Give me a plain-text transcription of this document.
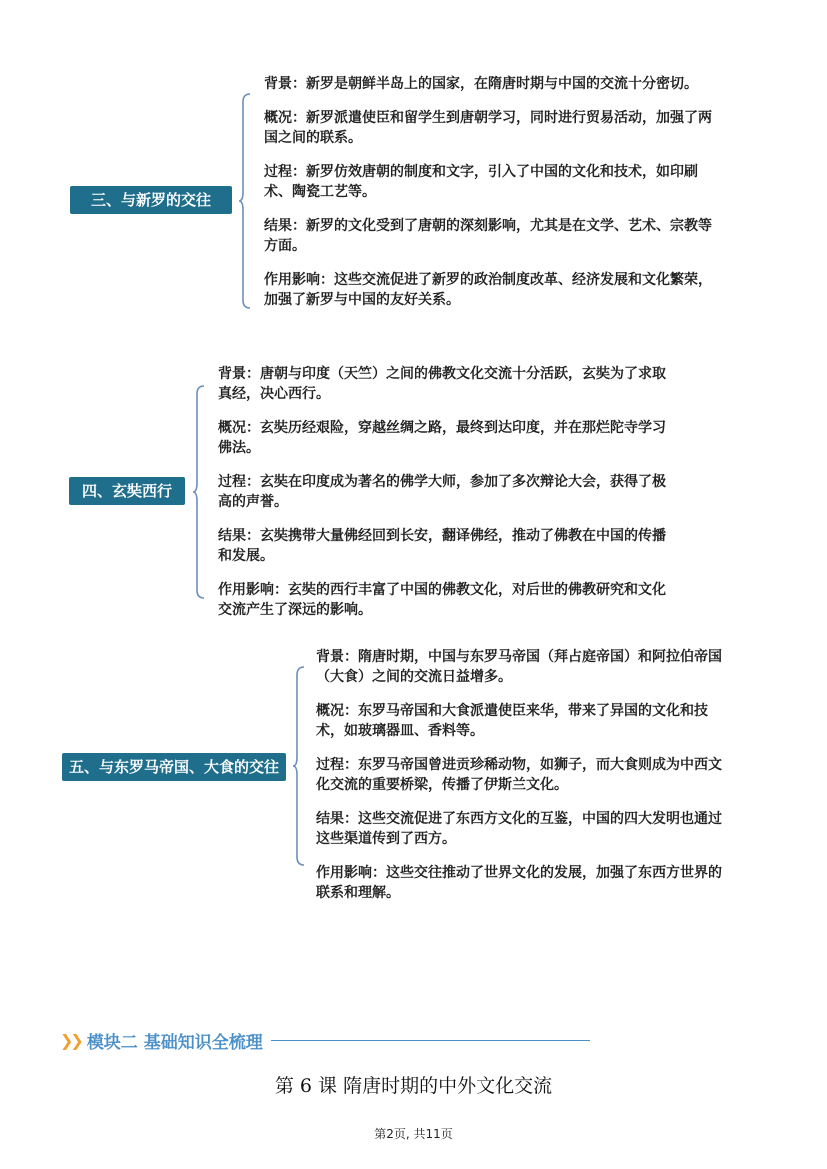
三、与新罗的交往
背景：新罗是朝鲜半岛上的国家，在隋唐时期与中国的交流十分密切。
概况：新罗派遣使臣和留学生到唐朝学习，同时进行贸易活动，加强了两国之间的联系。
过程：新罗仿效唐朝的制度和文字，引入了中国的文化和技术，如印刷术、陶瓷工艺等。
结果：新罗的文化受到了唐朝的深刻影响，尤其是在文学、艺术、宗教等方面。
作用影响：这些交流促进了新罗的政治制度改革、经济发展和文化繁荣，加强了新罗与中国的友好关系。
四、玄奘西行
背景：唐朝与印度（天竺）之间的佛教文化交流十分活跃，玄奘为了求取真经，决心西行。
概况：玄奘历经艰险，穿越丝绸之路，最终到达印度，并在那烂陀寺学习佛法。
过程：玄奘在印度成为著名的佛学大师，参加了多次辩论大会，获得了极高的声誉。
结果：玄奘携带大量佛经回到长安，翻译佛经，推动了佛教在中国的传播和发展。
作用影响：玄奘的西行丰富了中国的佛教文化，对后世的佛教研究和文化交流产生了深远的影响。
五、与东罗马帝国、大食的交往
背景：隋唐时期，中国与东罗马帝国（拜占庭帝国）和阿拉伯帝国（大食）之间的交流日益增多。
概况：东罗马帝国和大食派遣使臣来华，带来了异国的文化和技术，如玻璃器皿、香料等。
过程：东罗马帝国曾进贡珍稀动物，如狮子，而大食则成为中西文化交流的重要桥梁，传播了伊斯兰文化。
结果：这些交流促进了东西方文化的互鉴，中国的四大发明也通过这些渠道传到了西方。
作用影响：这些交往推动了世界文化的发展，加强了东西方世界的联系和理解。
❯❯ 模块二 基础知识全梳理
第 6 课 隋唐时期的中外文化交流
第2页, 共11页
